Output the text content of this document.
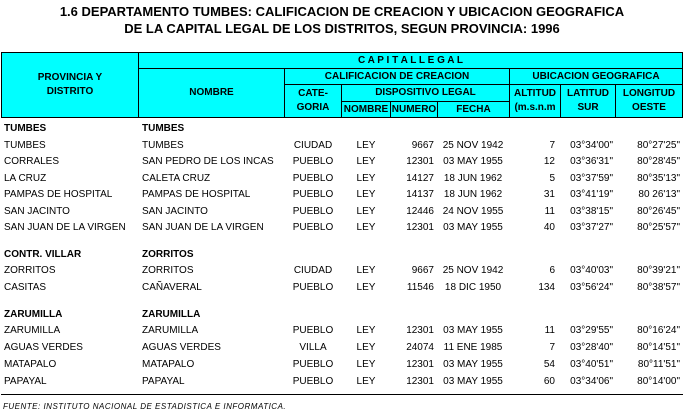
1.6 DEPARTAMENTO TUMBES: CALIFICACION DE CREACION Y UBICACION GEOGRAFICA
DE LA CAPITAL LEGAL DE LOS DISTRITOS, SEGUN PROVINCIA: 1996
PROVINCIA Y
DISTRITO
C A P I T A L L E G A L
NOMBRE
CALIFICACION DE CREACION	UBICACION GEOGRAFICA
CATE-
GORIA
DISPOSITIVO LEGAL
NOMBRE NUMERO	FECHA
ALTITUD
(m.s.n.m
LATITUD
SUR
LONGITUD
OESTE
TUMBES	TUMBES
TUMBES	TUMBES	CIUDAD	LEY	9667 25 NOV 1942	7	03°34'00"	80°27'25"
CORRALES	SAN PEDRO DE LOS INCAS	PUEBLO	LEY	12301 03 MAY 1955	12	03°36'31"	80°28'45"
LA CRUZ	CALETA CRUZ	PUEBLO	LEY	14127 18 JUN 1962	5	03°37'59"	80°35'13"
PAMPAS DE HOSPITAL	PAMPAS DE HOSPITAL	PUEBLO	LEY	14137 18 JUN 1962	31	03°41'19"	80 26'13"
SAN JACINTO	SAN JACINTO	PUEBLO	LEY	12446 24 NOV 1955	11	03°38'15"	80°26'45"
SAN JUAN DE LA VIRGEN	SAN JUAN DE LA VIRGEN	PUEBLO	LEY	12301 03 MAY 1955	40	03°37'27"	80°25'57"
CONTR. VILLAR	ZORRITOS
ZORRITOS	ZORRITOS	CIUDAD	LEY	9667 25 NOV 1942	6	03°40'03"	80°39'21"
CASITAS	CAÑAVERAL	PUEBLO	LEY	11546	18 DIC 1950	134	03°56'24"	80°38'57"
ZARUMILLA	ZARUMILLA
ZARUMILLA	ZARUMILLA	PUEBLO	LEY	12301 03 MAY 1955	11	03°29'55"	80°16'24"
AGUAS VERDES	AGUAS VERDES	VILLA	LEY	24074 11 ENE 1985	7	03°28'40"	80°14'51"
MATAPALO	MATAPALO	PUEBLO	LEY	12301 03 MAY 1955	54	03°40'51"	80°11'51"
PAPAYAL	PAPAYAL	PUEBLO	LEY	12301 03 MAY 1955	60	03°34'06"	80°14'00"
FUENTE: INSTITUTO NACIONAL DE ESTADISTICA E INFORMATICA.
